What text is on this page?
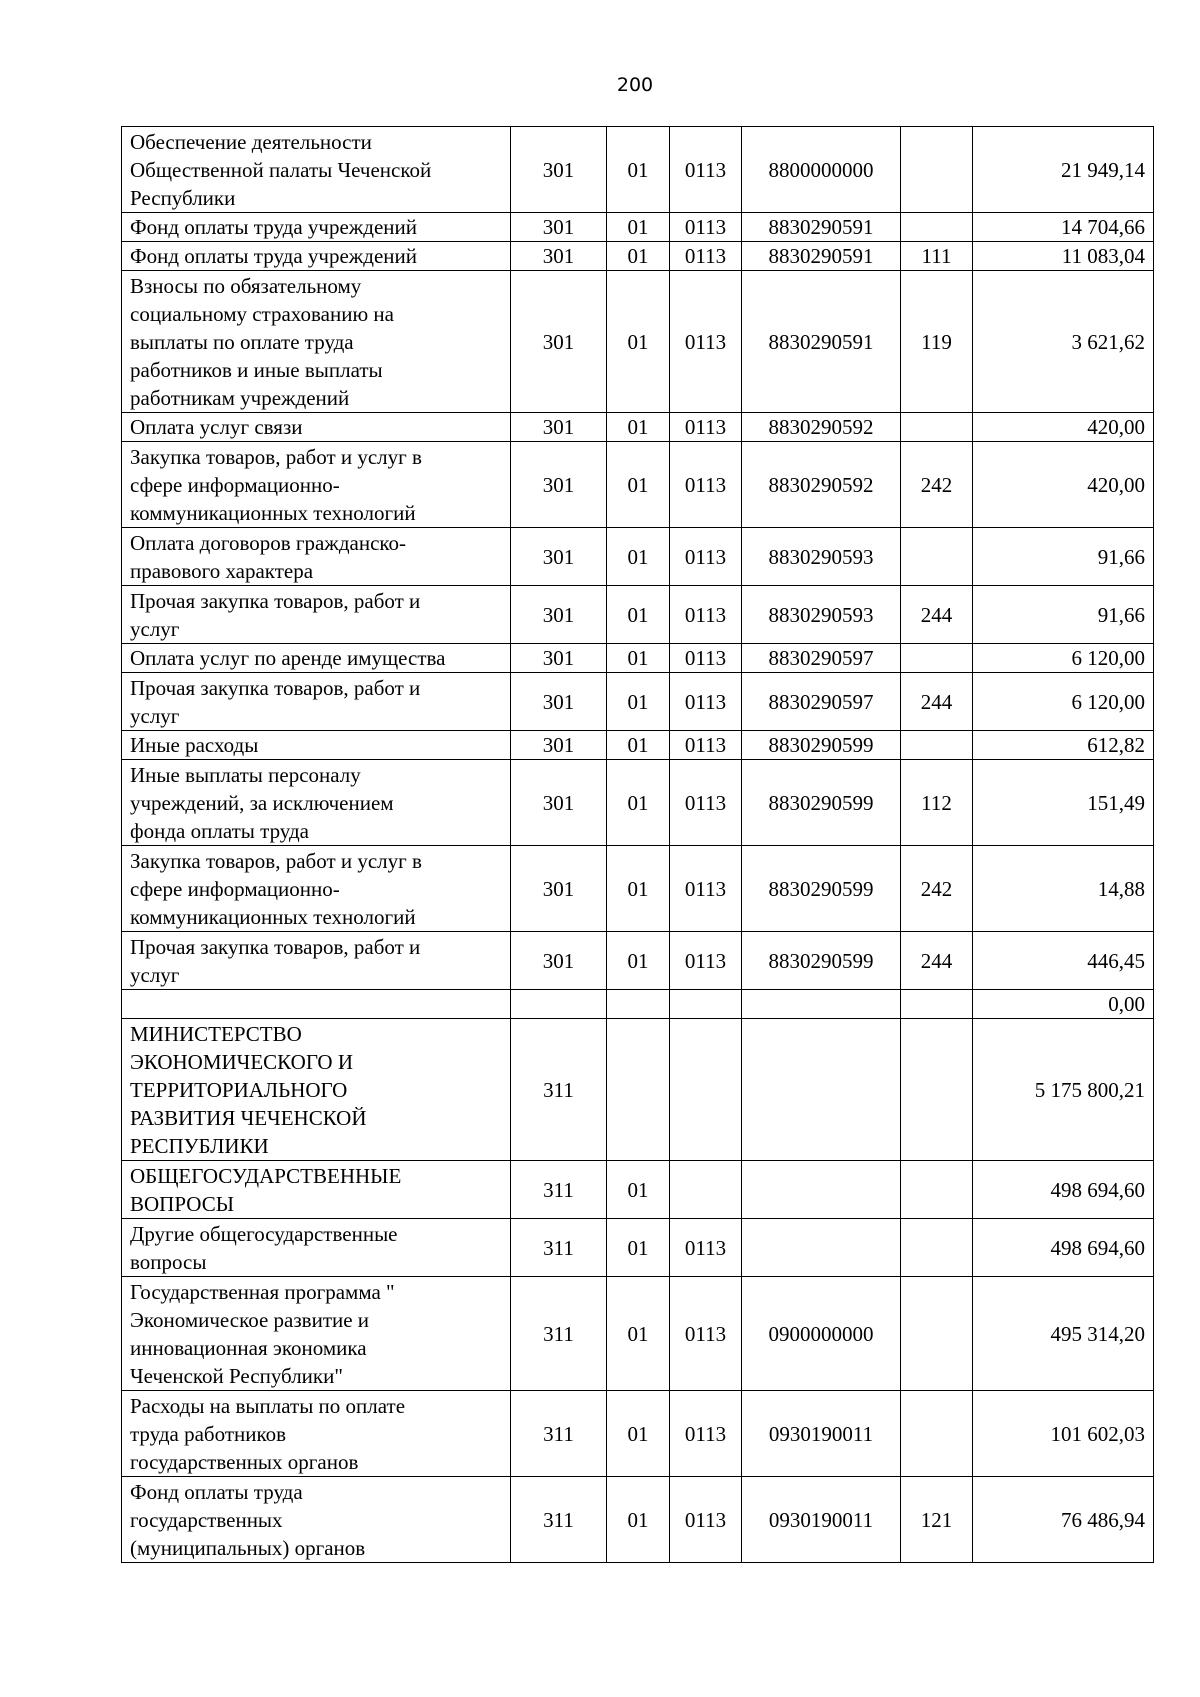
200
Обеспечение деятельности
Общественной палаты Чеченской
Республики	301	01	0113	8800000000		21 949,14
Фонд оплаты труда учреждений	301	01	0113	8830290591		14 704,66
Фонд оплаты труда учреждений	301	01	0113	8830290591	111	11 083,04
Взносы по обязательному
социальному страхованию на
выплаты по оплате труда
работников и иные выплаты
работникам учреждений	301	01	0113	8830290591	119	3 621,62
Оплата услуг связи	301	01	0113	8830290592		420,00
Закупка товаров, работ и услуг в
сфере информационно-
коммуникационных технологий	301	01	0113	8830290592	242	420,00
Оплата договоров гражданско-
правового характера	301	01	0113	8830290593		91,66
Прочая закупка товаров, работ и
услуг	301	01	0113	8830290593	244	91,66
Оплата услуг по аренде имущества	301	01	0113	8830290597		6 120,00
Прочая закупка товаров, работ и
услуг	301	01	0113	8830290597	244	6 120,00
Иные расходы	301	01	0113	8830290599		612,82
Иные выплаты персоналу
учреждений, за исключением
фонда оплаты труда	301	01	0113	8830290599	112	151,49
Закупка товаров, работ и услуг в
сфере информационно-
коммуникационных технологий	301	01	0113	8830290599	242	14,88
Прочая закупка товаров, работ и
услуг	301	01	0113	8830290599	244	446,45
						0,00
МИНИСТЕРСТВО
ЭКОНОМИЧЕСКОГО И
ТЕРРИТОРИАЛЬНОГО
РАЗВИТИЯ ЧЕЧЕНСКОЙ
РЕСПУБЛИКИ	311					5 175 800,21
ОБЩЕГОСУДАРСТВЕННЫЕ
ВОПРОСЫ	311	01				498 694,60
Другие общегосударственные
вопросы	311	01	0113			498 694,60
Государственная программа "
Экономическое развитие и
инновационная экономика
Чеченской Республики"	311	01	0113	0900000000		495 314,20
Расходы на выплаты по оплате
труда работников
государственных органов	311	01	0113	0930190011		101 602,03
Фонд оплаты труда
государственных
(муниципальных) органов	311	01	0113	0930190011	121	76 486,94
